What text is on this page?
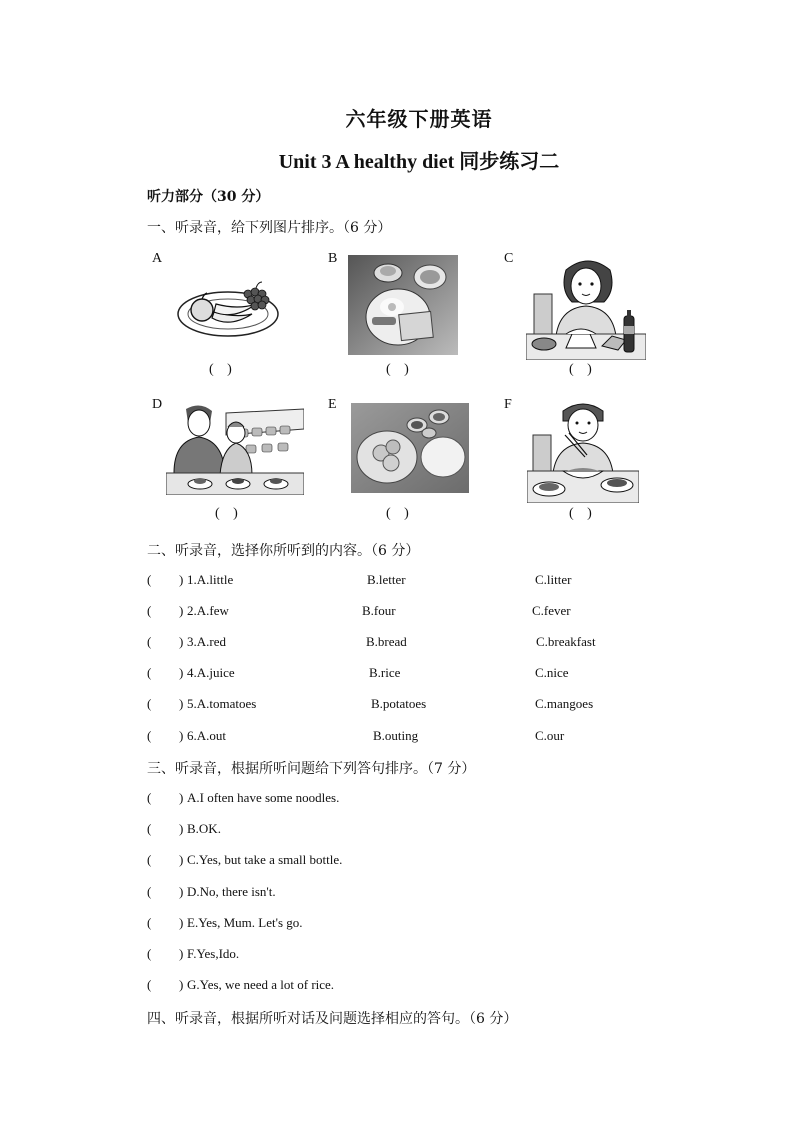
六年级下册英语
Unit 3 A healthy diet 同步练习二
听力部分（30 分）
一、听录音，给下列图片排序。（6 分）
A	B	C
D	E	F
( )	( )	( )
( )	( )	( )
二、听录音，选择你所听到的内容。（6 分）
( ) 1.A.little	B.letter	C.litter
( ) 2.A.few	B.four	C.fever
( ) 3.A.red	B.bread	C.breakfast
( ) 4.A.juice	B.rice	C.nice
( ) 5.A.tomatoes	B.potatoes	C.mangoes
( ) 6.A.out	B.outing	C.our
三、听录音，根据所听问题给下列答句排序。（7 分）
( ) A.I often have some noodles.
( ) B.OK.
( ) C.Yes, but take a small bottle.
( ) D.No, there isn't.
( ) E.Yes, Mum. Let's go.
( ) F.Yes,Ido.
( ) G.Yes, we need a lot of rice.
四、听录音，根据所听对话及问题选择相应的答句。（6 分）
